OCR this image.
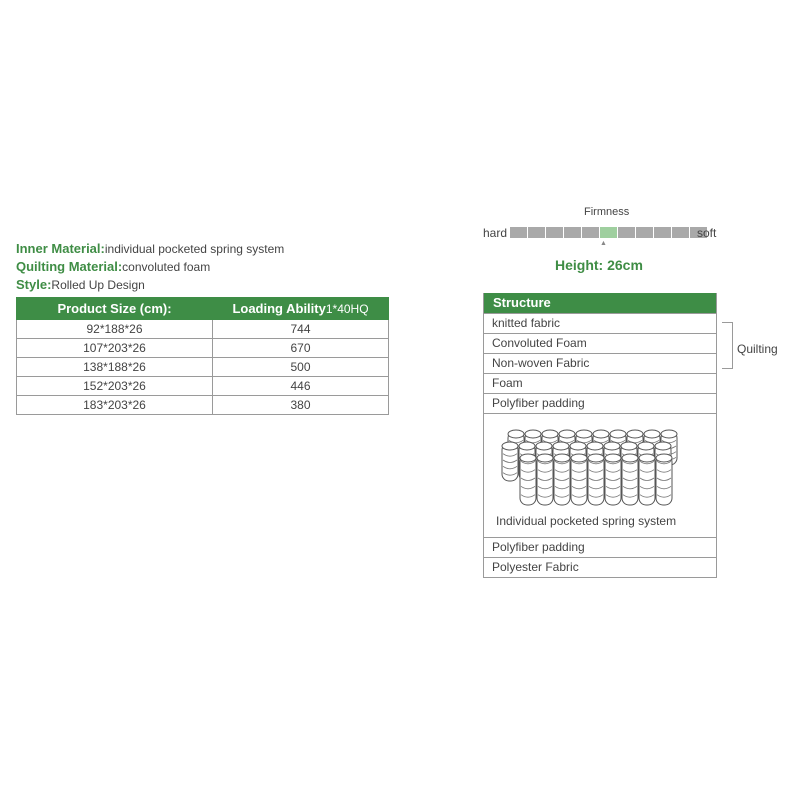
Inner Material:individual pocketed spring system
Quilting Material:convoluted foam
Style:Rolled Up Design
Product Size (cm):	Loading Ability1*40HQ
92*188*26	744
107*203*26	670
138*188*26	500
152*203*26	446
183*203*26	380
Firmness
hard	soft
▲
Height: 26cm
Structure
knitted fabric
Convoluted Foam
Non-woven Fabric
Foam
Polyfiber padding
Individual pocketed spring system
Polyfiber padding
Polyester Fabric
Quilting
